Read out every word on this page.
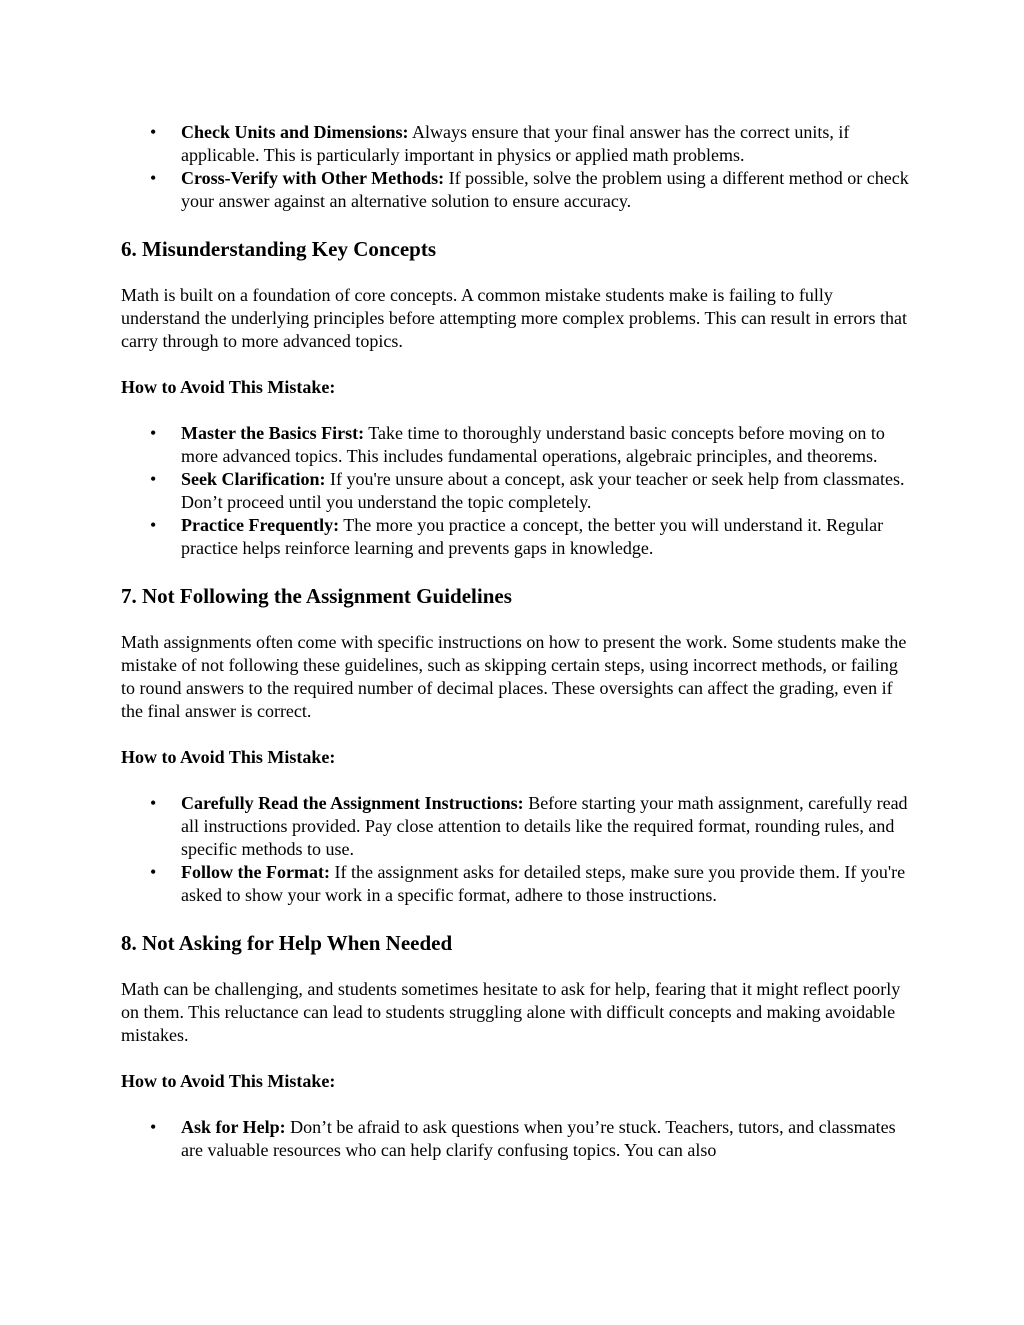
• Check Units and Dimensions: Always ensure that your final answer has the correct units, if applicable. This is particularly important in physics or applied math problems.
• Cross-Verify with Other Methods: If possible, solve the problem using a different method or check your answer against an alternative solution to ensure accuracy.
6. Misunderstanding Key Concepts

Math is built on a foundation of core concepts. A common mistake students make is failing to fully understand the underlying principles before attempting more complex problems. This can result in errors that carry through to more advanced topics.

How to Avoid This Mistake:

• Master the Basics First: Take time to thoroughly understand basic concepts before moving on to more advanced topics. This includes fundamental operations, algebraic principles, and theorems.
• Seek Clarification: If you're unsure about a concept, ask your teacher or seek help from classmates. Don’t proceed until you understand the topic completely.
• Practice Frequently: The more you practice a concept, the better you will understand it. Regular practice helps reinforce learning and prevents gaps in knowledge.
7. Not Following the Assignment Guidelines

Math assignments often come with specific instructions on how to present the work. Some students make the mistake of not following these guidelines, such as skipping certain steps, using incorrect methods, or failing to round answers to the required number of decimal places. These oversights can affect the grading, even if the final answer is correct.

How to Avoid This Mistake:

• Carefully Read the Assignment Instructions: Before starting your math assignment, carefully read all instructions provided. Pay close attention to details like the required format, rounding rules, and specific methods to use.
• Follow the Format: If the assignment asks for detailed steps, make sure you provide them. If you're asked to show your work in a specific format, adhere to those instructions.
8. Not Asking for Help When Needed

Math can be challenging, and students sometimes hesitate to ask for help, fearing that it might reflect poorly on them. This reluctance can lead to students struggling alone with difficult concepts and making avoidable mistakes.

How to Avoid This Mistake:

• Ask for Help: Don’t be afraid to ask questions when you’re stuck. Teachers, tutors, and classmates are valuable resources who can help clarify confusing topics. You can also
